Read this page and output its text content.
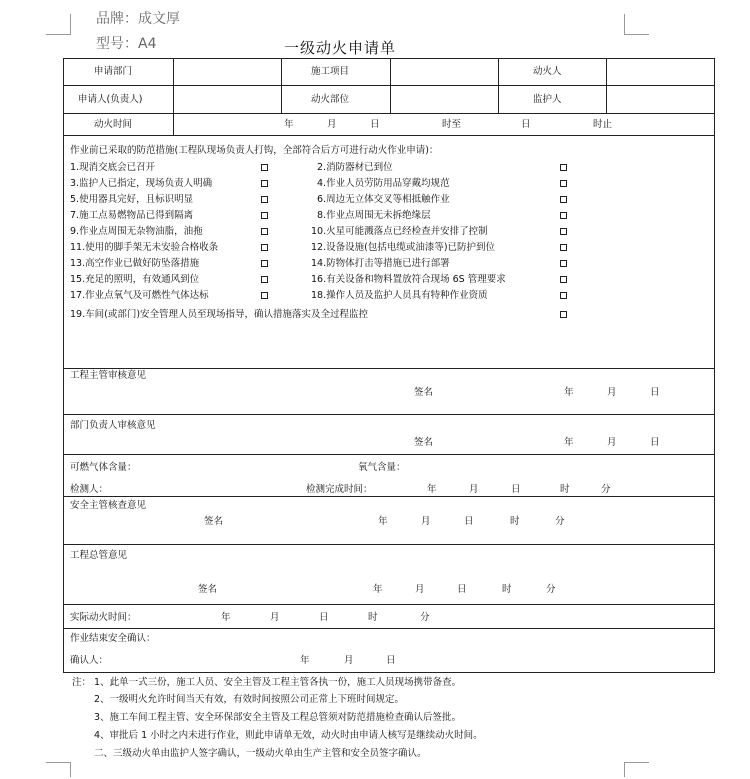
品牌：成文厚
型号：A4	一级动火申请单
申请部门	施工项目	动火人
申请人(负责人)	动火部位	监护人
动火时间	年	月	日	时至	日	时止
作业前已采取的防范措施(工程队现场负责人打钩，全部符合后方可进行动火作业申请)：
1.现消交底会已召开	2.消防器材已到位
3.监护人已指定，现场负责人明确	4.作业人员劳防用品穿戴均规范
5.使用器具完好，且标识明显	6.周边无立体交叉等相抵触作业
7.施工点易燃物品已得到隔离	8.作业点周围无未拆绝缘层
9.作业点周围无杂物油脂，油拖	10.火星可能溅落点已经检查并安排了控制
11.使用的脚手架无未安验合格收条	12.设备设施(包括电缆或油漆等)已防护到位
13.高空作业已做好防坠落措施	14.防物体打击等措施已进行部署
15.充足的照明，有效通风到位	16.有关设备和物料置放符合现场 6S 管理要求
17.作业点氧气及可燃性气体达标	18.操作人员及监护人员具有特种作业资质
19.车间(或部门)安全管理人员至现场指导，确认措施落实及全过程监控
工程主管审核意见
签名	年	月	日
部门负责人审核意见
签名	年	月	日
可燃气体含量：	氧气含量：
检测人：	检测完成时间：	年	月	日	时	分
安全主管核查意见
签名	年	月	日	时	分
工程总管意见
签名	年	月	日	时	分
实际动火时间：	年	月	日	时	分
作业结束安全确认：
确认人：	年	月	日
注： 1、此单一式三份，施工人员、安全主管及工程主管各执一份，施工人员现场携带备查。
2、一级明火允许时间当天有效，有效时间按照公司正常上下班时间规定。
3、施工车间工程主管、安全环保部安全主管及工程总管须对防范措施检查确认后签批。
4、审批后 1 小时之内未进行作业，则此申请单无效，动火时由申请人核写是继续动火时间。
二、三级动火单由监护人签字确认，一级动火单由生产主管和安全员签字确认。
